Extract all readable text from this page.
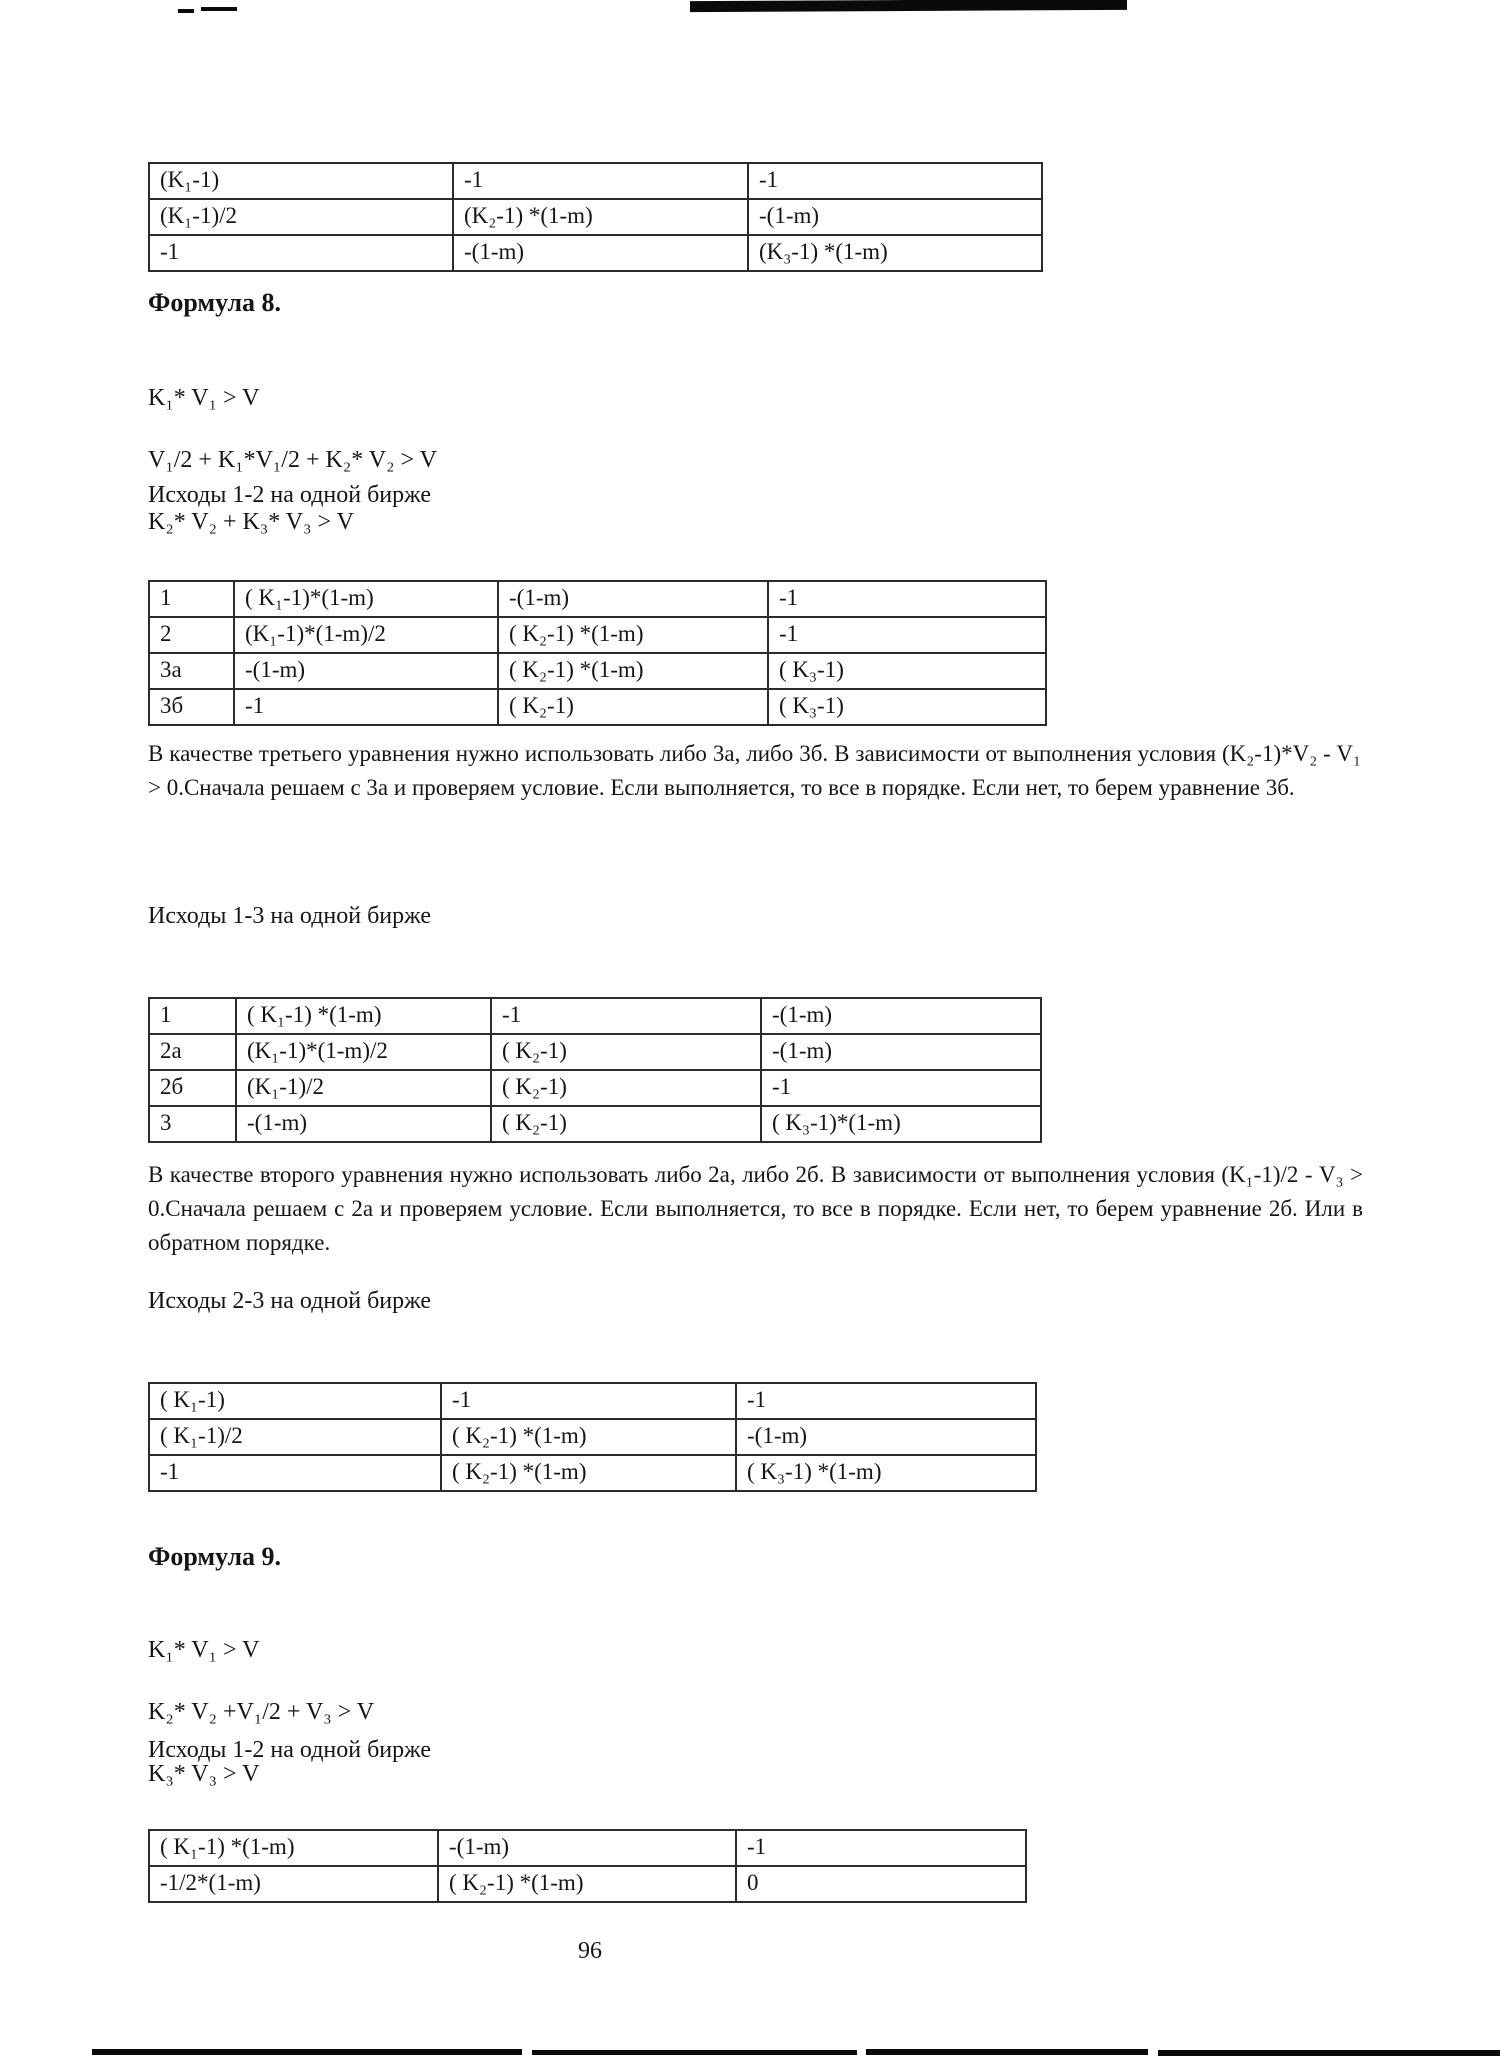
(K₁-1)	-1	-1
(K₁-1)/2	(K₂-1) *(1-m)	-(1-m)
-1	-(1-m)	(K₃-1) *(1-m)
Формула 8.

K₁* V₁ > V

V₁/2 + K₁*V₁/2 + K₂* V₂ > V

K₂* V₂ + K₃* V₃ > V

Исходы 1-2 на одной бирже
1	( K₁-1)*(1-m)	-(1-m)	-1
2	(K₁-1)*(1-m)/2	( K₂-1) *(1-m)	-1
3а	-(1-m)	( K₂-1) *(1-m)	( K₃-1)
3б	-1	( K₂-1)	( K₃-1)
В качестве третьего уравнения нужно использовать либо 3а, либо 3б. В зависимости от выполнения условия (K₂-1)*V₂ - V₁ > 0.Сначала решаем с 3а и проверяем условие. Если выполняется, то все в порядке. Если нет, то берем уравнение 3б.
Исходы 1-3 на одной бирже
1	( K₁-1) *(1-m)	-1	-(1-m)
2а	(K₁-1)*(1-m)/2	( K₂-1)	-(1-m)
2б	(K₁-1)/2	( K₂-1)	-1
3	-(1-m)	( K₂-1)	( K₃-1)*(1-m)
В качестве второго уравнения нужно использовать либо 2а, либо 2б. В зависимости от выполнения условия (K₁-1)/2 - V₃ > 0.Сначала решаем с 2а и проверяем условие. Если выполняется, то все в порядке. Если нет, то берем уравнение 2б. Или в обратном порядке.
Исходы 2-3 на одной бирже
( K₁-1)	-1	-1
( K₁-1)/2	( K₂-1) *(1-m)	-(1-m)
-1	( K₂-1) *(1-m)	( K₃-1) *(1-m)
Формула 9.

K₁* V₁ > V

K₂* V₂ +V₁/2 + V₃ > V

K₃* V₃ > V

Исходы 1-2 на одной бирже
( K₁-1) *(1-m)	-(1-m)	-1
-1/2*(1-m)	( K₂-1) *(1-m)	0
96
